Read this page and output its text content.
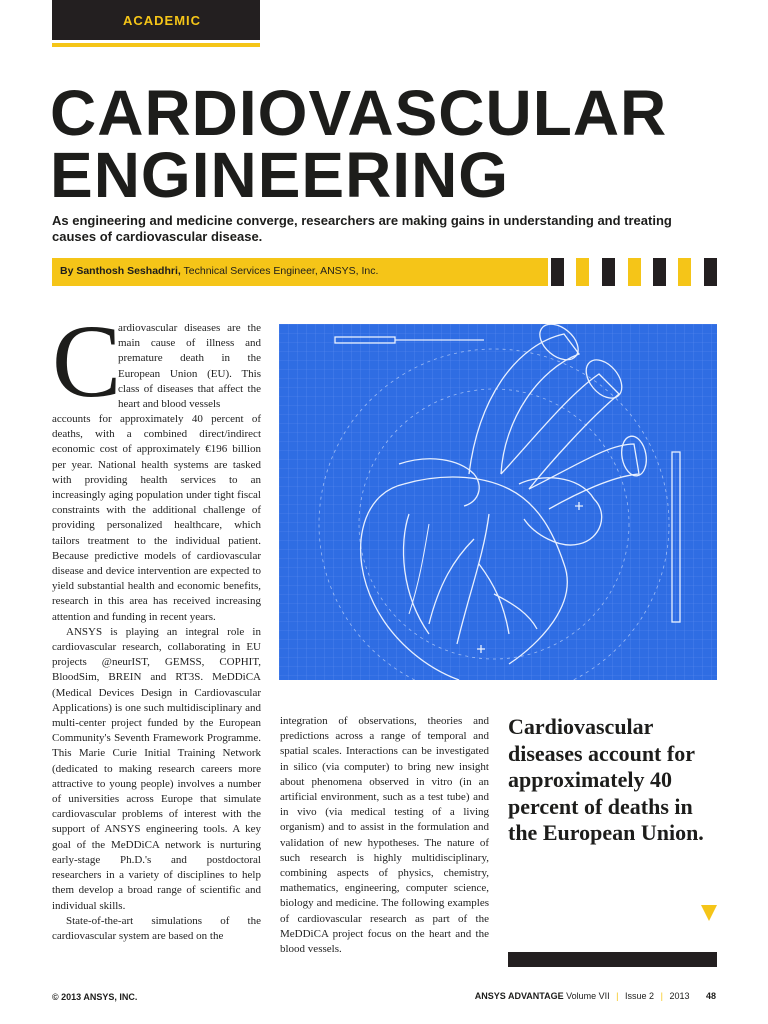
ACADEMIC
CARDIOVASCULAR
ENGINEERING

As engineering and medicine converge, researchers are making gains in understanding and treating causes of cardiovascular disease.

By Santhosh Seshadhri, Technical Services Engineer, ANSYS, Inc.
C

ardiovascular diseases are the main cause of illness and premature death in the European Union (EU). This class of diseases that affect the heart and blood vessels

accounts for approximately 40 percent of deaths, with a combined direct/indirect economic cost of approximately €196 billion per year. National health systems are tasked with providing health services to an increasingly aging population under tight fiscal constraints with the additional challenge of providing personalized healthcare, which tailors treatment to the individual patient. Because predictive models of cardiovascular disease and device intervention are expected to yield substantial health and economic benefits, research in this area has received increasing attention and funding in recent years.

ANSYS is playing an integral role in cardiovascular research, collaborating in EU projects @neurIST, GEMSS, COPHIT, BloodSim, BREIN and RT3S. MeDDiCA (Medical Devices Design in Cardiovascular Applications) is one such multidisciplinary and multi-center project funded by the European Community's Seventh Framework Programme. This Marie Curie Initial Training Network (dedicated to making research careers more attractive to young people) involves a number of universities across Europe that simulate cardiovascular problems of interest with the support of ANSYS engineering tools. A key goal of the MeDDiCA network is nurturing early-stage Ph.D.'s and postdoctoral researchers in a variety of disciplines to help them develop a broad range of scientific and individual skills.

State-of-the-art simulations of the cardiovascular system are based on the

integration of observations, theories and predictions across a range of temporal and spatial scales. Interactions can be investigated in silico (via computer) to bring new insight about phenomena observed in vitro (in an artificial environment, such as a test tube) and in vivo (via medical testing of a living organism) and to assist in the formulation and validation of new hypotheses. The nature of such research is highly multidisciplinary, combining aspects of physics, chemistry, mathematics, engineering, computer science, biology and medicine. The following examples of cardiovascular research as part of the MeDDiCA project focus on the heart and the blood vessels.
Cardiovascular diseases account for approximately 40 percent of deaths in the European Union.
© 2013 ANSYS, INC.	ANSYS ADVANTAGE Volume VII | Issue 2 | 2013 48
